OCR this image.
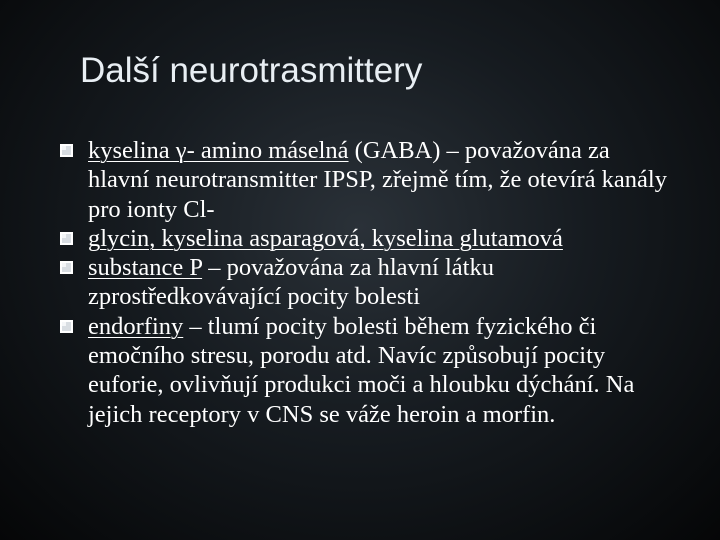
Další neurotrasmittery
kyselina γ- amino máselná (GABA) – považována za hlavní neurotransmitter IPSP, zřejmě tím, že otevírá kanály pro ionty Cl-
glycin, kyselina asparagová, kyselina glutamová
substance P – považována za hlavní látku zprostředkovávající pocity bolesti
endorfiny – tlumí pocity bolesti během fyzického či emočního stresu, porodu atd. Navíc způsobují pocity euforie, ovlivňují produkci moči a hloubku dýchání. Na jejich receptory v CNS se váže heroin a morfin.
